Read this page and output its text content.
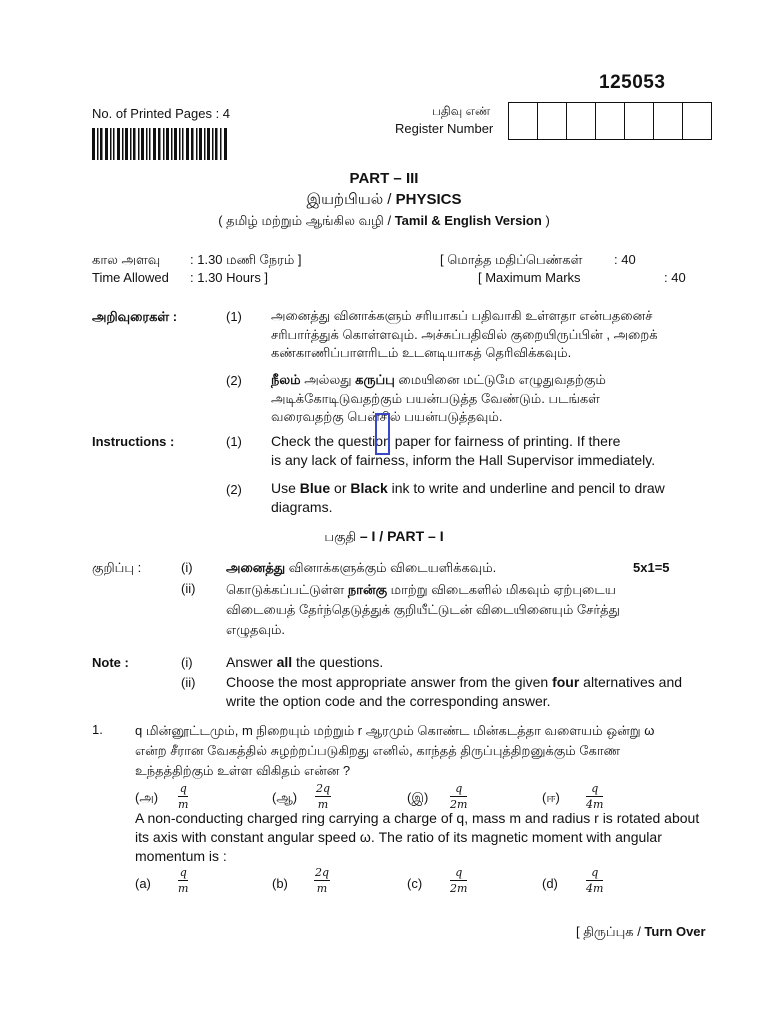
125053
No. of Printed Pages : 4	பதிவு எண்
Register Number
PART – III
இயற்பியல் / PHYSICS
( தமிழ் மற்றும் ஆங்கில வழி / Tamil & English Version )
கால அளவு : 1.30 மணி நேரம் ]
Time Allowed : 1.30 Hours ]
[ மொத்த மதிப்பெண்கள் : 40
[ Maximum Marks	: 40
அறிவுரைகள் :	(1) அனைத்து வினாக்களும் சரியாகப் பதிவாகி உள்ளதா என்பதனைச்
சரிபார்த்துக் கொள்ளவும். அச்சுப்பதிவில் குறையிருப்பின் , அறைக்
கண்காணிப்பாளரிடம் உடனடியாகத் தெரிவிக்கவும்.
(2) நீலம் அல்லது கருப்பு மையினை மட்டுமே எழுதுவதற்கும்
அடிக்கோடிடுவதற்கும் பயன்படுத்த வேண்டும். படங்கள்
வரைவதற்கு பென்சில் பயன்படுத்தவும்.
Instructions :	(1) Check the question paper for fairness of printing. If there
is any lack of fairness, inform the Hall Supervisor immediately.
(2) Use Blue or Black ink to write and underline and pencil to draw
diagrams.
பகுதி – I / PART – I
குறிப்பு :	(i)	அனைத்து வினாக்களுக்கும் விடையளிக்கவும்.	5x1=5
(ii) கொடுக்கப்பட்டுள்ள நான்கு மாற்று விடைகளில் மிகவும் ஏற்புடைய
விடையைத் தேர்ந்தெடுத்துக் குறியீட்டுடன் விடையினையும் சேர்த்து
எழுதவும்.
Note :	(i) Answer all the questions.
(ii) Choose the most appropriate answer from the given four alternatives and
write the option code and the corresponding answer.
1. q மின்னூட்டமும், m நிறையும் மற்றும் r ஆரமும் கொண்ட மின்கடத்தா வளையம் ஒன்று ω
என்ற சீரான வேகத்தில் சுழற்றப்படுகிறது எனில், காந்தத் திருப்புத்திறனுக்கும் கோண
உந்தத்திற்கும் உள்ள விகிதம் என்ன ?
(அ) $\frac{q}{m}$	(ஆ) $\frac{2q}{m}$	(இ) $\frac{q}{2m}$	(ஈ) $\frac{q}{4m}$
A non-conducting charged ring carrying a charge of q, mass m and radius r is rotated about
its axis with constant angular speed ω. The ratio of its magnetic moment with angular
momentum is :
$(a) \frac{q}{m}$	$(b) \frac{2q}{m}$	(c)	$\frac{q}{2m}$	(d)	$\frac{q}{4m}$
[ திருப்புக / Turn Over
